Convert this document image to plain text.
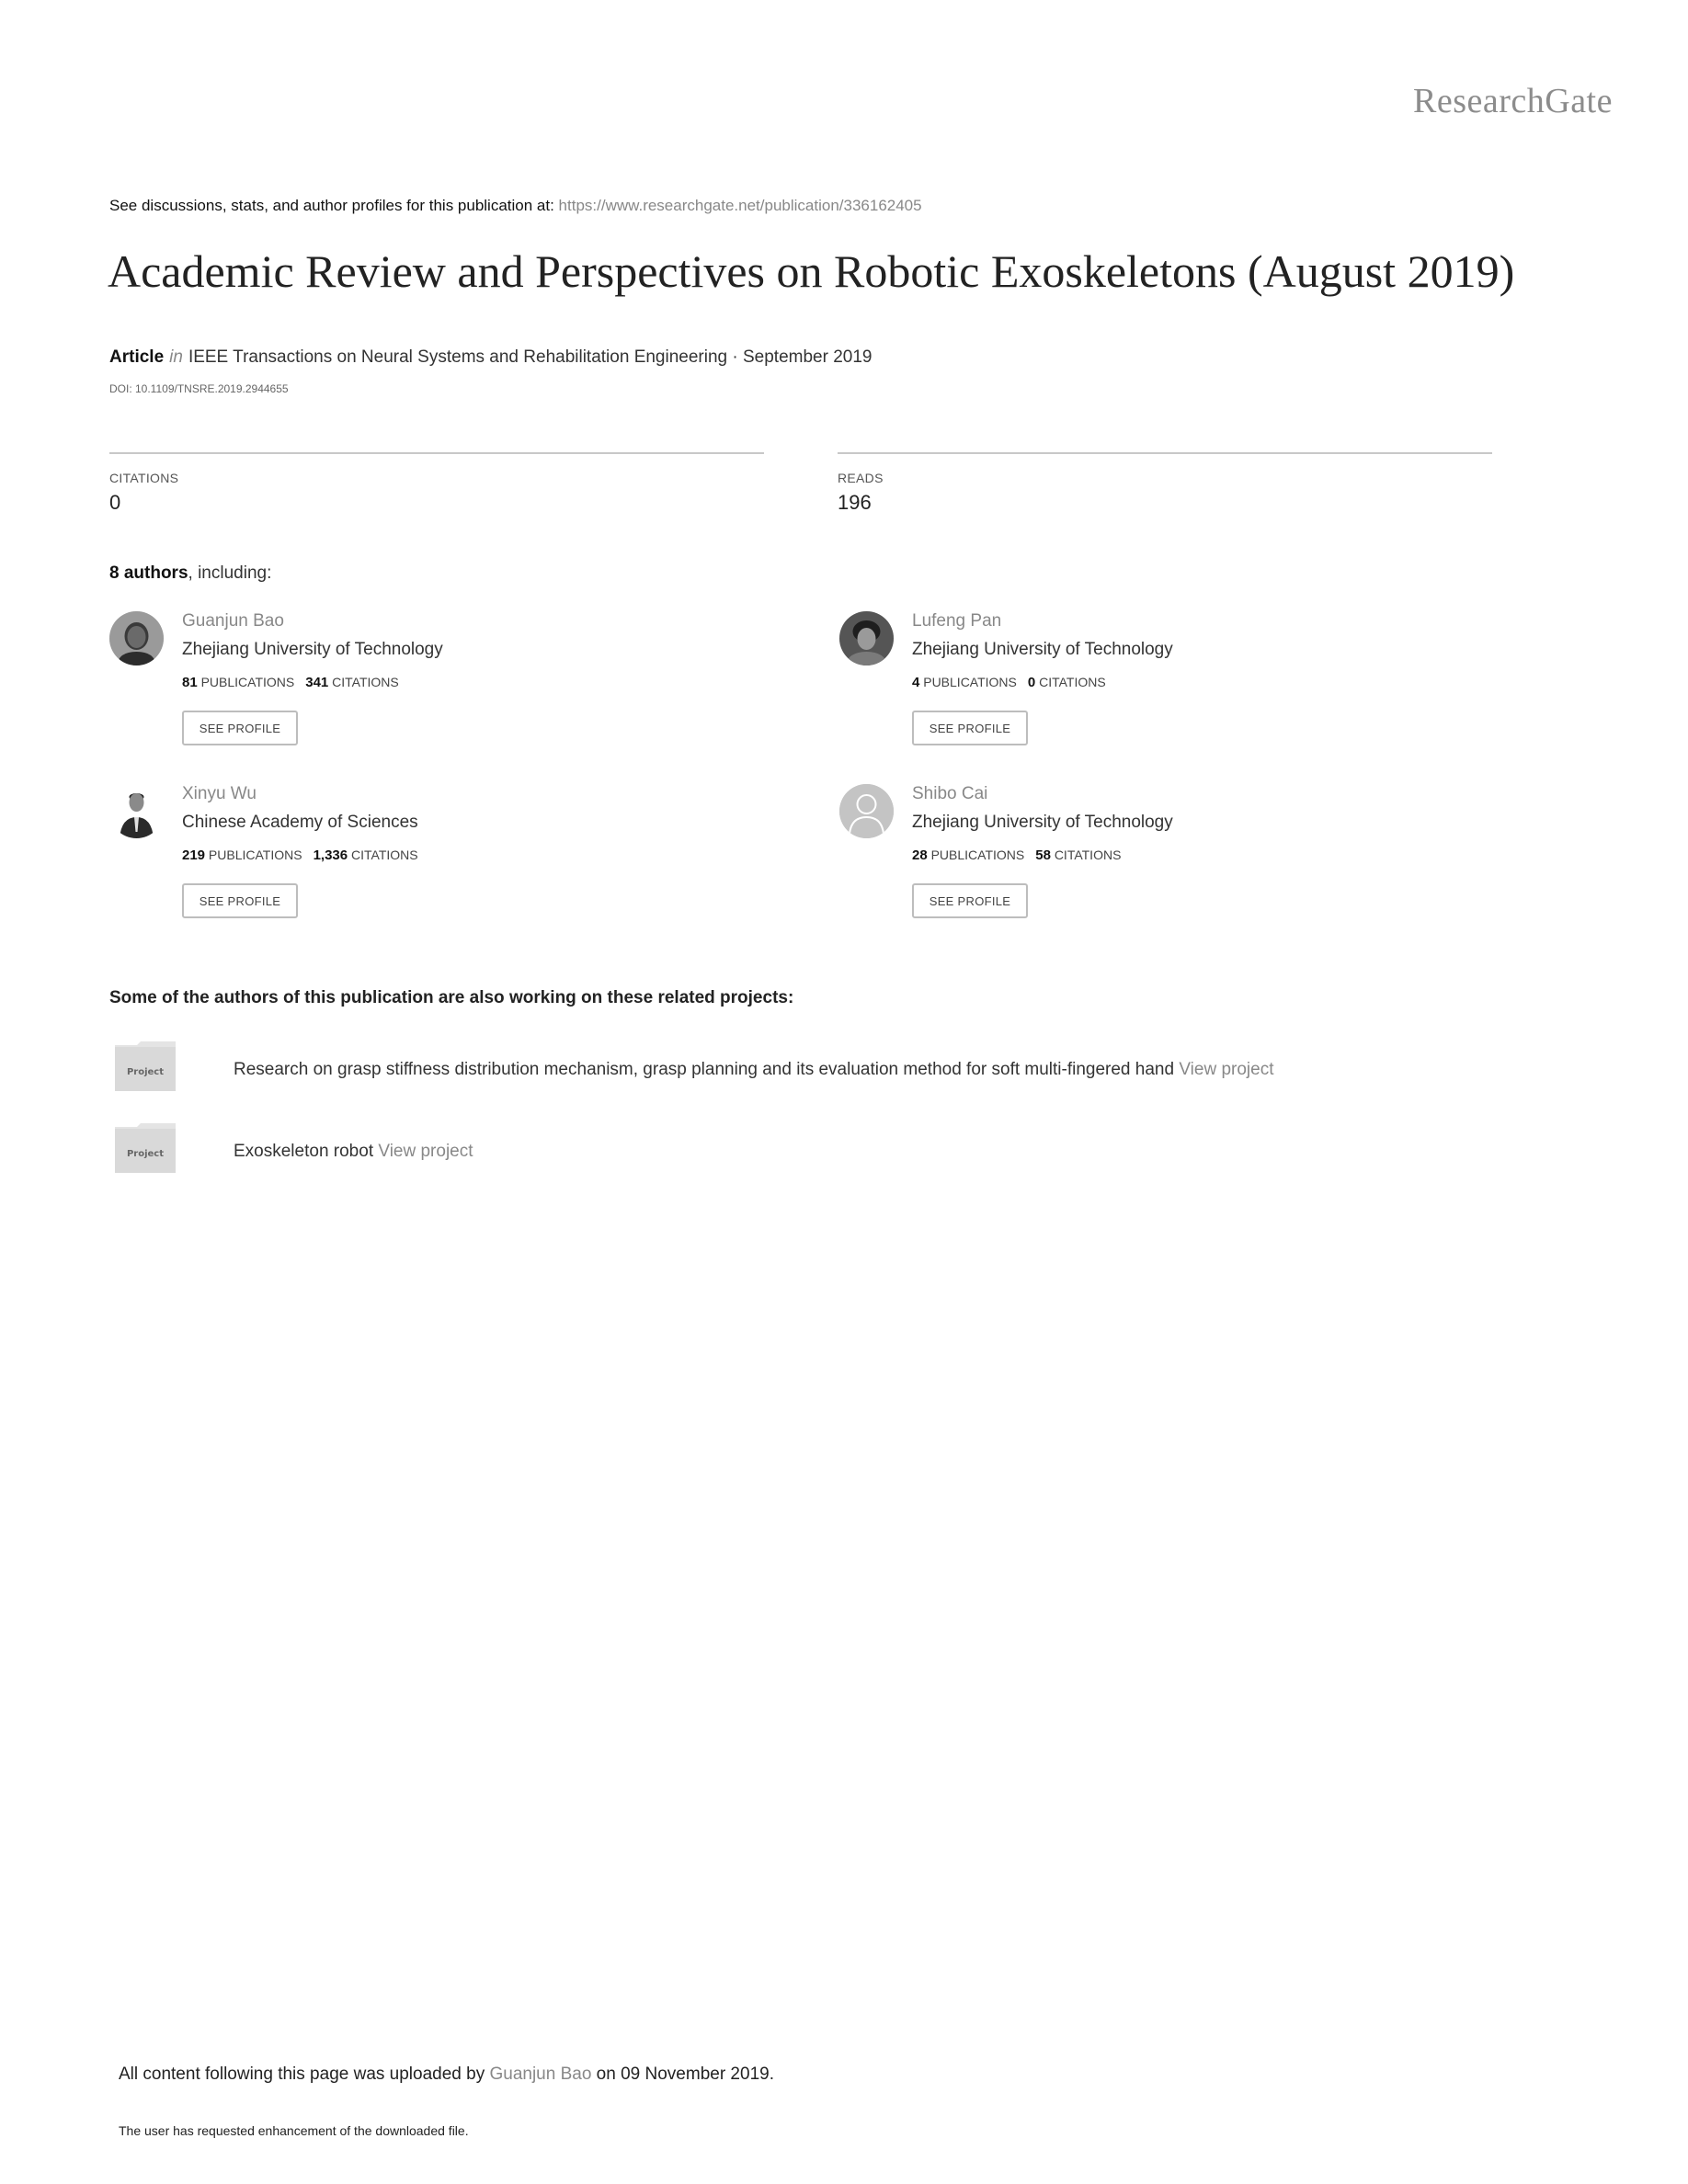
ResearchGate
See discussions, stats, and author profiles for this publication at: https://www.researchgate.net/publication/336162405
Academic Review and Perspectives on Robotic Exoskeletons (August 2019)
Article in IEEE Transactions on Neural Systems and Rehabilitation Engineering · September 2019
DOI: 10.1109/TNSRE.2019.2944655
CITATIONS
0
READS
196
8 authors, including:
Guanjun Bao
Zhejiang University of Technology
81 PUBLICATIONS 341 CITATIONS
SEE PROFILE
Lufeng Pan
Zhejiang University of Technology
4 PUBLICATIONS 0 CITATIONS
SEE PROFILE
Xinyu Wu
Chinese Academy of Sciences
219 PUBLICATIONS 1,336 CITATIONS
SEE PROFILE
Shibo Cai
Zhejiang University of Technology
28 PUBLICATIONS 58 CITATIONS
SEE PROFILE
Some of the authors of this publication are also working on these related projects:
Project	Research on grasp stiffness distribution mechanism, grasp planning and its evaluation method for soft multi-fingered hand View project
Project	Exoskeleton robot View project
All content following this page was uploaded by Guanjun Bao on 09 November 2019.
The user has requested enhancement of the downloaded file.
